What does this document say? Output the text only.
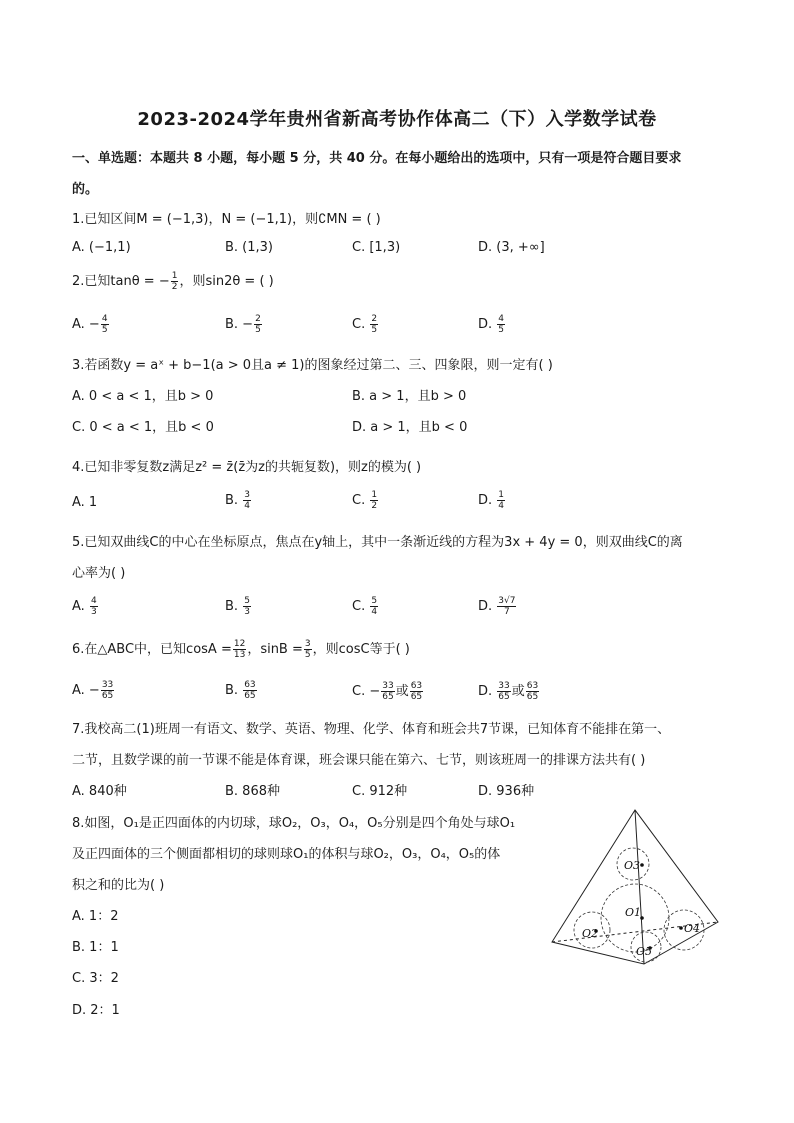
2023-2024学年贵州省新高考协作体高二（下）入学数学试卷
一、单选题：本题共 8 小题，每小题 5 分，共 40 分。在每小题给出的选项中，只有一项是符合题目要求
的。
1.已知区间M = (−1,3)，N = (−1,1)，则∁MN = ( )
A. (−1,1)	B. (1,3)	C. [1,3)	D. (3, +∞]
2.已知tanθ = − $\frac{1}{2}$ ，则sin2θ = ( )
A. − $\frac{4}{5}$	B. − $\frac{2}{5}$	C. $\frac{2}{5}$	D. $\frac{4}{5}$
3.若函数y = aˣ + b−1(a > 0且a ≠ 1)的图象经过第二、三、四象限，则一定有( )
A. 0 < a < 1，且b > 0	B. a > 1，且b > 0
C. 0 < a < 1，且b < 0	D. a > 1，且b < 0
4.已知非零复数z满足z² = z̄(z̄为z的共轭复数)，则z的模为( )
A. 1	B. $\frac{3}{4}$	C. $\frac{1}{2}$	D. $\frac{1}{4}$
5.已知双曲线C的中心在坐标原点，焦点在y轴上，其中一条渐近线的方程为3x + 4y = 0，则双曲线C的离
心率为( )
A. $\frac{4}{3}$	B. $\frac{5}{3}$	C. $\frac{5}{4}$	D. $\frac{3√7}{7}$
6.在△ABC中，已知$\cos A = \frac{12}{13}$ ，$\sin B = \frac{3}{5}$ ，则cosC等于( )
A. − $\frac{33}{65}$	B. $\frac{63}{65}$	C. − $\frac{33}{65}$ 或 $\frac{63}{65}$	D. $\frac{33}{65}$ 或 $\frac{63}{65}$
7.我校高二(1)班周一有语文、数学、英语、物理、化学、体育和班会共7节课，已知体育不能排在第一、
二节，且数学课的前一节课不能是体育课，班会课只能在第六、七节，则该班周一的排课方法共有( )
A. 840种	B. 868种	C. 912种	D. 936种
8.如图，O₁是正四面体的内切球，球O₂，O₃，O₄，O₅分别是四个角处与球O₁
及正四面体的三个侧面都相切的球则球O₁的体积与球O₂，O₃，O₄，O₅的体
积之和的比为( )
A. 1：2
B. 1：1
C. 3：2
D. 2：1
O3
O1
O2	O4
O5
